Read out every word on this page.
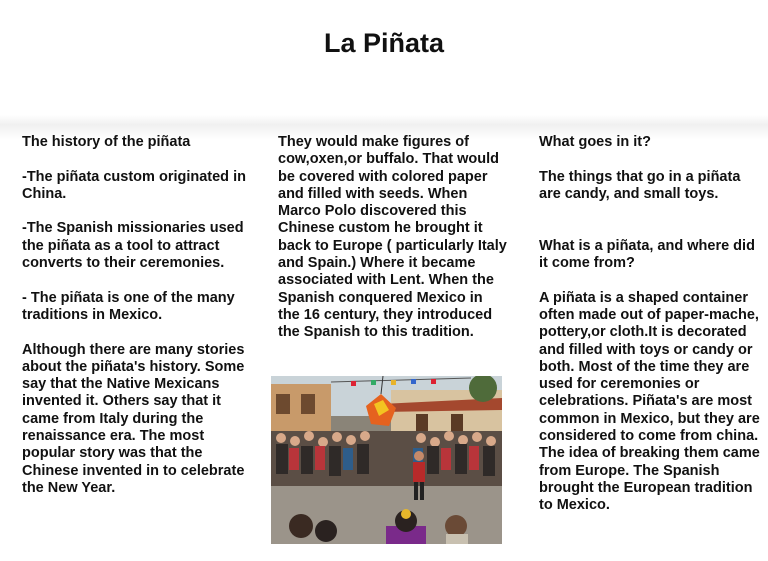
La Piñata

The history of the piñata

-The piñata custom originated in China.

-The Spanish missionaries used the piñata as a tool to attract converts to their ceremonies.

- The piñata is one of the many traditions in Mexico.

Although there are many stories about the piñata's history. Some say that the Native Mexicans invented it. Others say that it came from Italy during the renaissance era. The most popular story was that the Chinese invented in to celebrate the New Year.

They would make figures of cow,oxen,or buffalo. That would be covered with colored paper and filled with seeds. When Marco Polo discovered this Chinese custom he brought it back to Europe ( particularly Italy and Spain.) Where it became associated with Lent. When the Spanish conquered Mexico in the 16 century, they introduced the Spanish to this tradition.

What goes in it?

The things that go in a piñata are candy, and small toys.

What is a piñata, and where did it come from?

A piñata is a shaped container often made out of paper-mache, pottery,or cloth.It is decorated and filled with toys or candy or both. Most of the time they are used for ceremonies or celebrations. Piñata's are most common in Mexico, but they are considered to come from china. The idea of breaking them came from Europe. The Spanish brought the European tradition to Mexico.
